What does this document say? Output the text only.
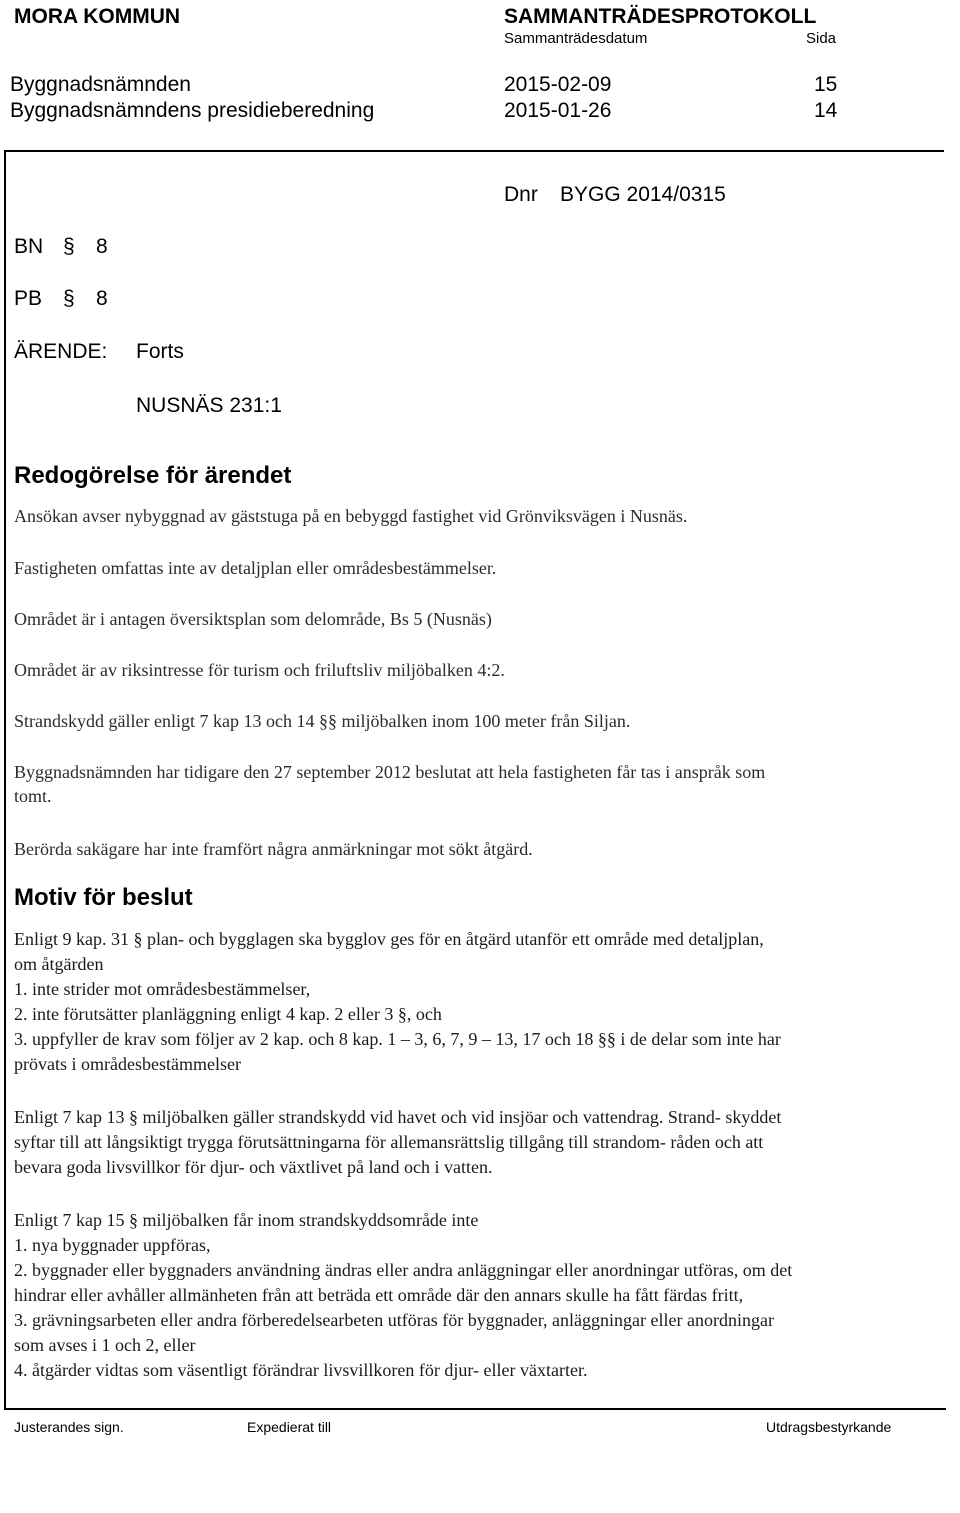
MORA KOMMUN	SAMMANTRÄDESPROTOKOLL
Sammanträdesdatum	Sida
Byggnadsnämnden	2015-02-09	15
Byggnadsnämndens presidieberedning	2015-01-26	14
Dnr BYGG 2014/0315
BN § 8
PB § 8
ÄRENDE: Forts
NUSNÄS 231:1
Redogörelse för ärendet
Ansökan avser nybyggnad av gäststuga på en bebyggd fastighet vid Grönviksvägen i Nusnäs.
Fastigheten omfattas inte av detaljplan eller områdesbestämmelser.
Området är i antagen översiktsplan som delområde, Bs 5 (Nusnäs)
Området är av riksintresse för turism och friluftsliv miljöbalken 4:2.
Strandskydd gäller enligt 7 kap 13 och 14 §§ miljöbalken inom 100 meter från Siljan.
Byggnadsnämnden har tidigare den 27 september 2012 beslutat att hela fastigheten får tas i anspråk som
tomt.
Berörda sakägare har inte framfört några anmärkningar mot sökt åtgärd.
Motiv för beslut
Enligt 9 kap. 31 § plan- och bygglagen ska bygglov ges för en åtgärd utanför ett område med detaljplan,
om åtgärden
1. inte strider mot områdesbestämmelser,
2. inte förutsätter planläggning enligt 4 kap. 2 eller 3 §, och
3. uppfyller de krav som följer av 2 kap. och 8 kap. 1 – 3, 6, 7, 9 – 13, 17 och 18 §§ i de delar som inte har
prövats i områdesbestämmelser
Enligt 7 kap 13 § miljöbalken gäller strandskydd vid havet och vid insjöar och vattendrag. Strand- skyddet
syftar till att långsiktigt trygga förutsättningarna för allemansrättslig tillgång till strandom- råden och att
bevara goda livsvillkor för djur- och växtlivet på land och i vatten.
Enligt 7 kap 15 § miljöbalken får inom strandskyddsområde inte
1. nya byggnader uppföras,
2. byggnader eller byggnaders användning ändras eller andra anläggningar eller anordningar utföras, om det
hindrar eller avhåller allmänheten från att beträda ett område där den annars skulle ha fått färdas fritt,
3. grävningsarbeten eller andra förberedelsearbeten utföras för byggnader, anläggningar eller anordningar
som avses i 1 och 2, eller
4. åtgärder vidtas som väsentligt förändrar livsvillkoren för djur- eller växtarter.
Justerandes sign.	Expedierat till	Utdragsbestyrkande
